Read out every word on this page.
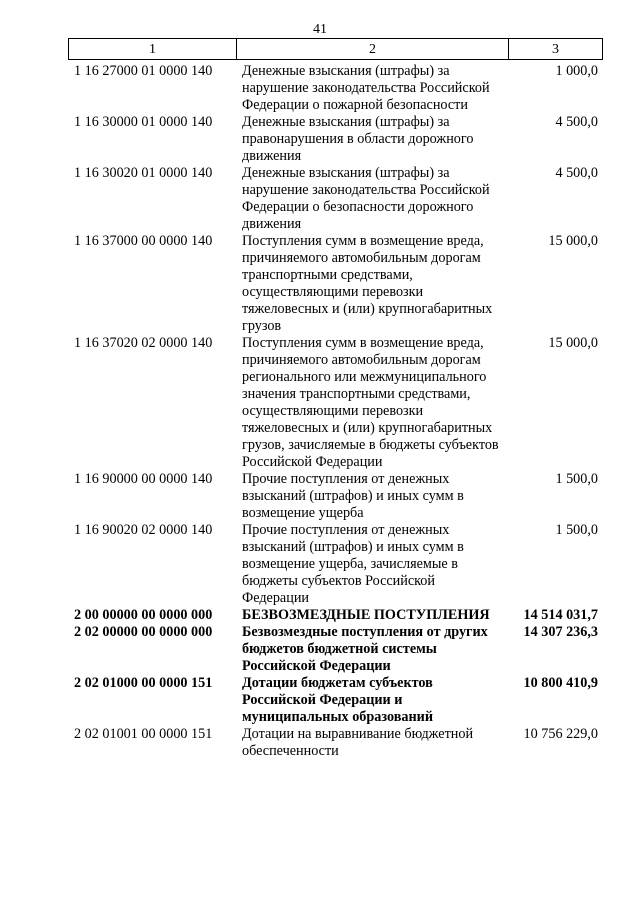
41
1	2	3
1 16 27000 01 0000 140	Денежные взыскания (штрафы) за нарушение законодательства Российской Федерации о пожарной безопасности	1 000,0
1 16 30000 01 0000 140	Денежные взыскания (штрафы) за правонарушения в области дорожного движения	4 500,0
1 16 30020 01 0000 140	Денежные взыскания (штрафы) за нарушение законодательства Российской Федерации о безопасности дорожного движения	4 500,0
1 16 37000 00 0000 140	Поступления сумм в возмещение вреда, причиняемого автомобильным дорогам транспортными средствами, осуществляющими перевозки тяжеловесных и (или) крупногабаритных грузов	15 000,0
1 16 37020 02 0000 140	Поступления сумм в возмещение вреда, причиняемого автомобильным дорогам регионального или межмуниципального значения транспортными средствами, осуществляющими перевозки тяжеловесных и (или) крупногабаритных грузов, зачисляемые в бюджеты субъектов Российской Федерации	15 000,0
1 16 90000 00 0000 140	Прочие поступления от денежных взысканий (штрафов) и иных сумм в возмещение ущерба	1 500,0
1 16 90020 02 0000 140	Прочие поступления от денежных взысканий (штрафов) и иных сумм в возмещение ущерба, зачисляемые в бюджеты субъектов Российской Федерации	1 500,0
2 00 00000 00 0000 000	БЕЗВОЗМЕЗДНЫЕ ПОСТУПЛЕНИЯ	14 514 031,7
2 02 00000 00 0000 000	Безвозмездные поступления от других бюджетов бюджетной системы Российской Федерации	14 307 236,3
2 02 01000 00 0000 151	Дотации бюджетам субъектов Российской Федерации и муниципальных образований	10 800 410,9
2 02 01001 00 0000 151	Дотации на выравнивание бюджетной обеспеченности	10 756 229,0
